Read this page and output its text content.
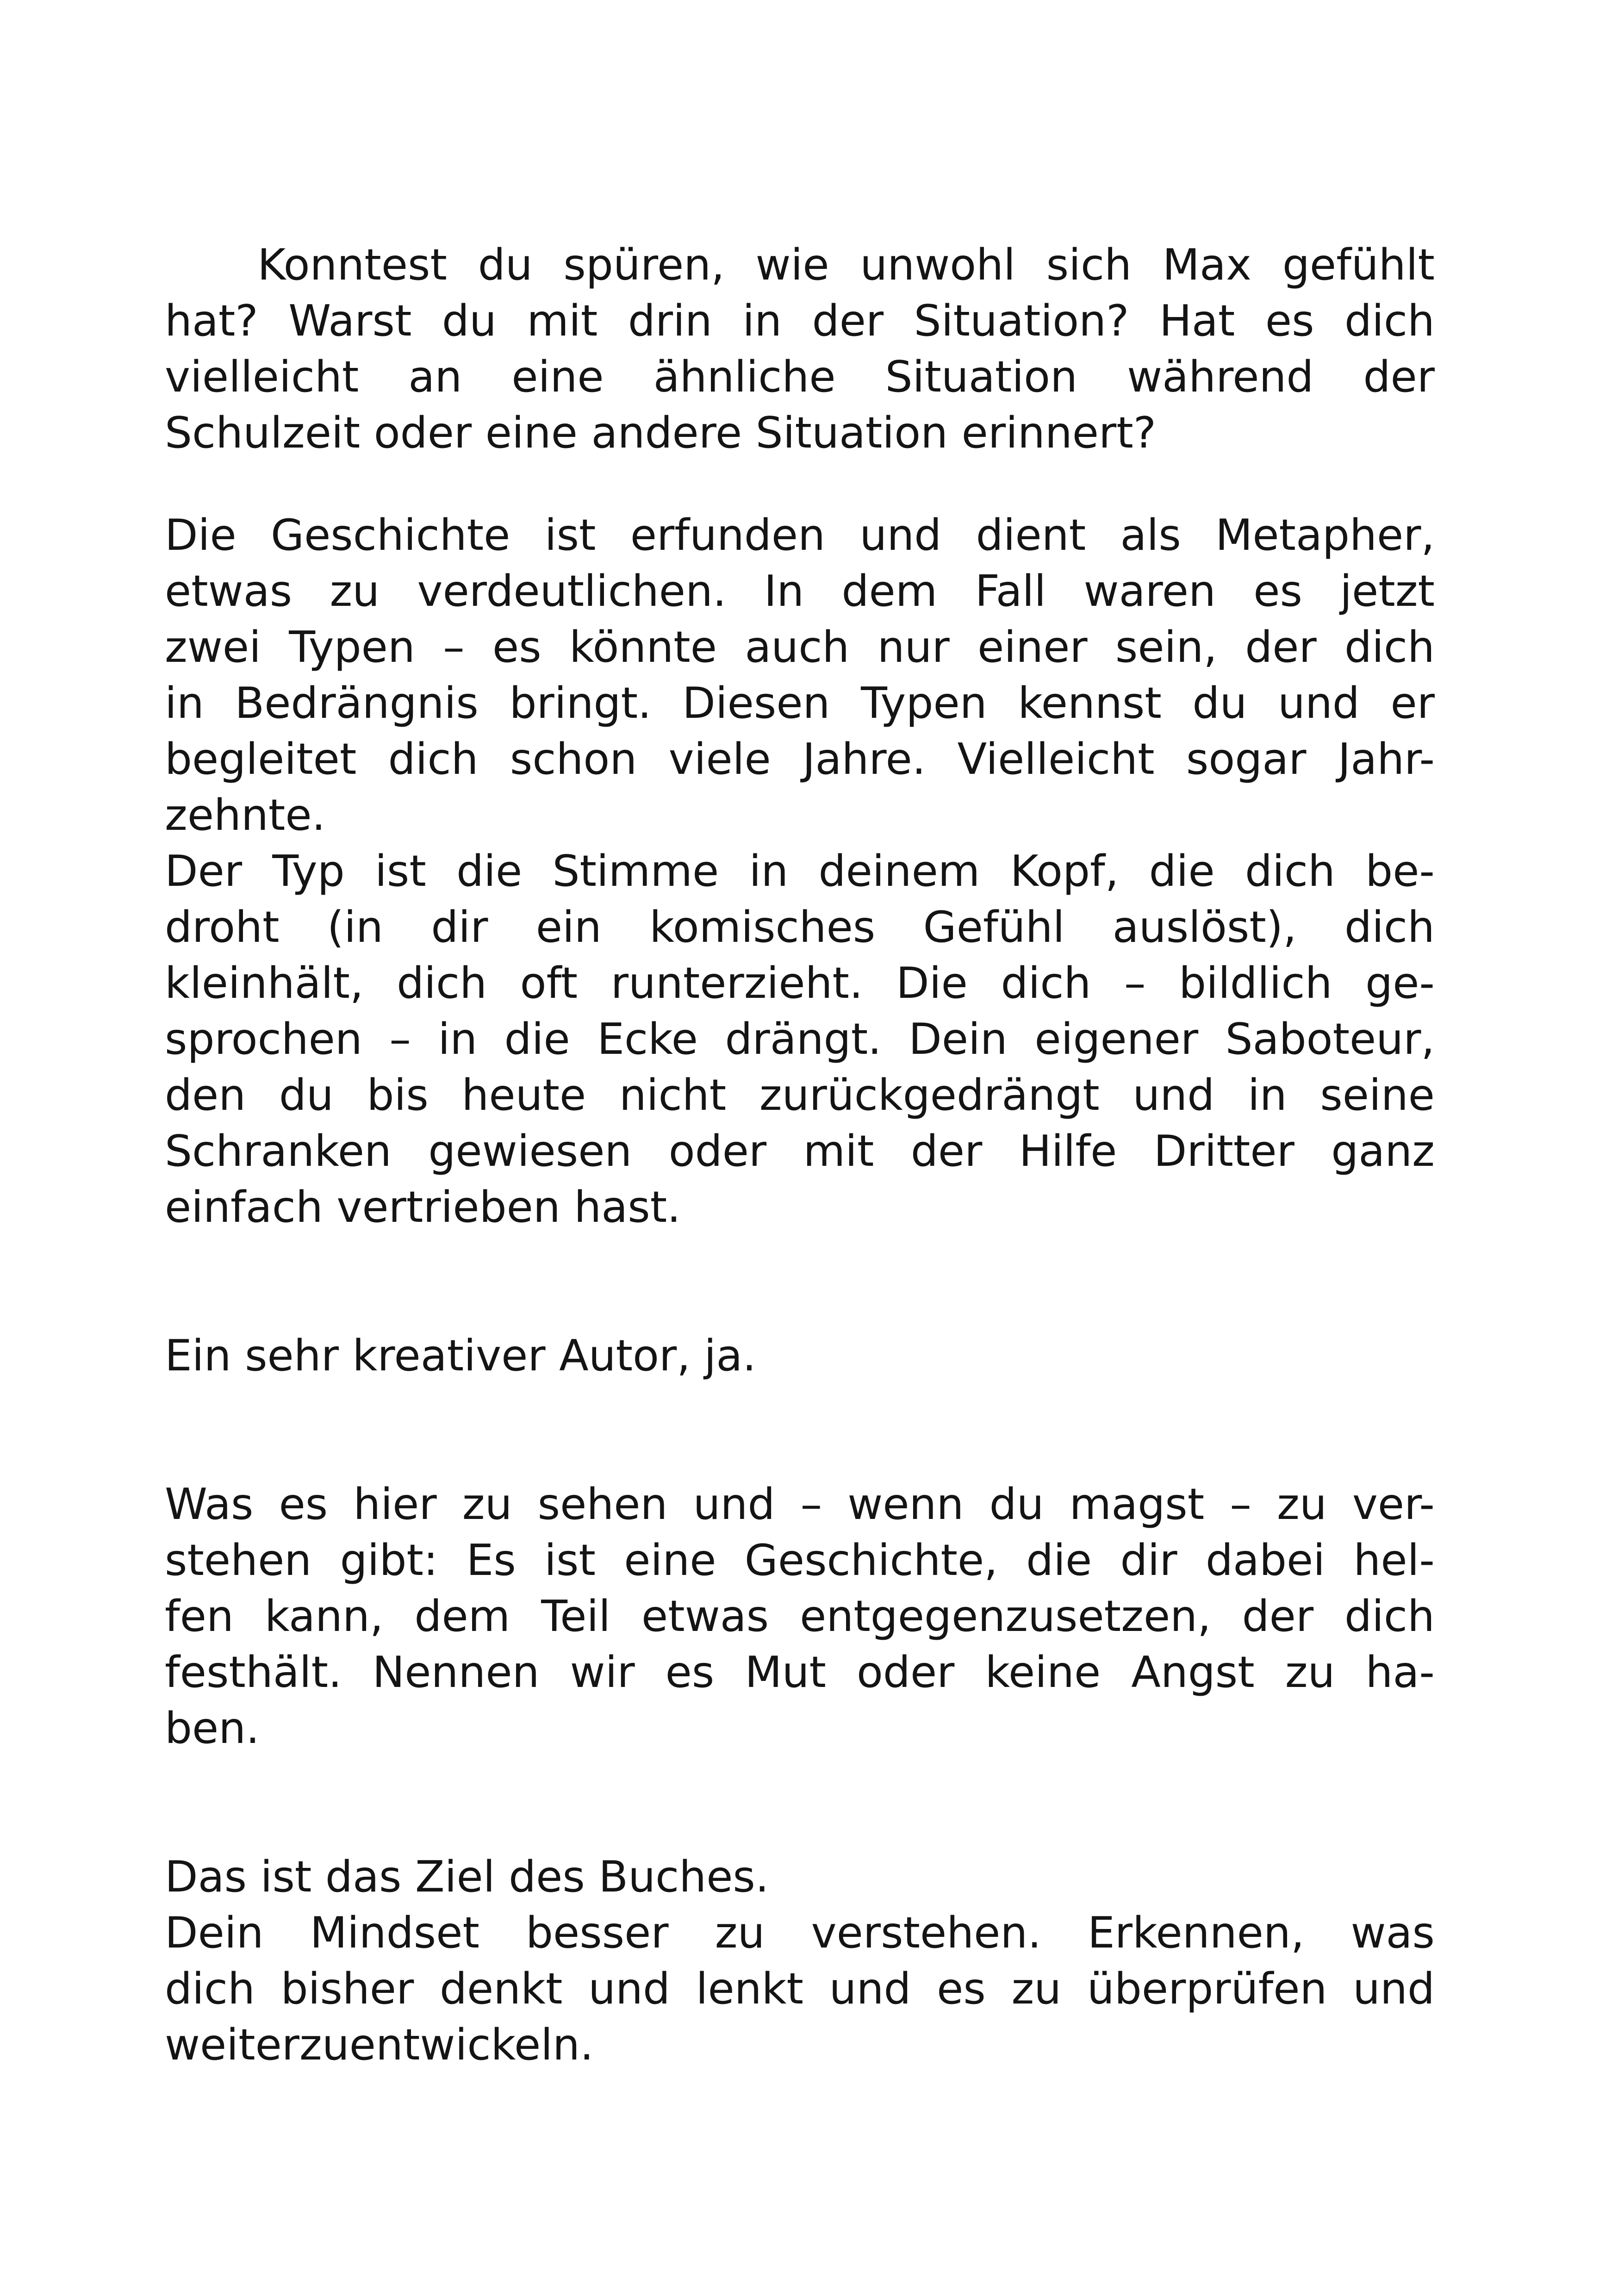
Konntest du spüren, wie unwohl sich Max gefühlt
hat? Warst du mit drin in der Situation? Hat es dich
vielleicht an eine ähnliche Situation während der
Schulzeit oder eine andere Situation erinnert?
Die Geschichte ist erfunden und dient als Metapher,
etwas zu verdeutlichen. In dem Fall waren es jetzt
zwei Typen – es könnte auch nur einer sein, der dich
in Bedrängnis bringt. Diesen Typen kennst du und er
begleitet dich schon viele Jahre. Vielleicht sogar Jahr-
zehnte.
Der Typ ist die Stimme in deinem Kopf, die dich be-
droht (in dir ein komisches Gefühl auslöst), dich
kleinhält, dich oft runterzieht. Die dich – bildlich ge-
sprochen – in die Ecke drängt. Dein eigener Saboteur,
den du bis heute nicht zurückgedrängt und in seine
Schranken gewiesen oder mit der Hilfe Dritter ganz
einfach vertrieben hast.
Ein sehr kreativer Autor, ja.
Was es hier zu sehen und – wenn du magst – zu ver-
stehen gibt: Es ist eine Geschichte, die dir dabei hel-
fen kann, dem Teil etwas entgegenzusetzen, der dich
festhält. Nennen wir es Mut oder keine Angst zu ha-
ben.
Das ist das Ziel des Buches.
Dein Mindset besser zu verstehen. Erkennen, was
dich bisher denkt und lenkt und es zu überprüfen und
weiterzuentwickeln.
